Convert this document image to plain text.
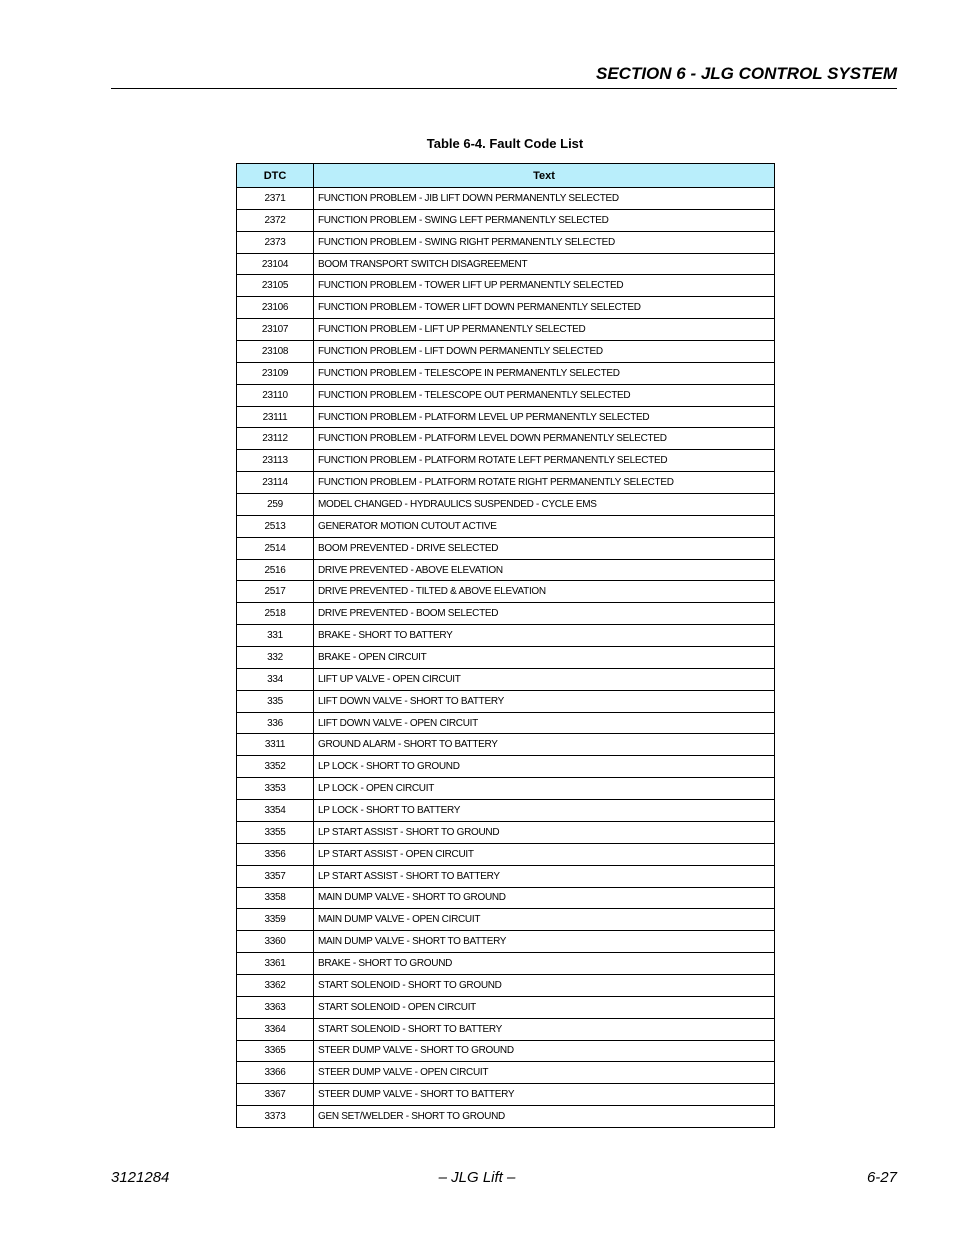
SECTION 6 - JLG CONTROL SYSTEM
Table 6-4. Fault Code List
DTC	Text
2371	FUNCTION PROBLEM - JIB LIFT DOWN PERMANENTLY SELECTED
2372	FUNCTION PROBLEM - SWING LEFT PERMANENTLY SELECTED
2373	FUNCTION PROBLEM - SWING RIGHT PERMANENTLY SELECTED
23104	BOOM TRANSPORT SWITCH DISAGREEMENT
23105	FUNCTION PROBLEM - TOWER LIFT UP PERMANENTLY SELECTED
23106	FUNCTION PROBLEM - TOWER LIFT DOWN PERMANENTLY SELECTED
23107	FUNCTION PROBLEM - LIFT UP PERMANENTLY SELECTED
23108	FUNCTION PROBLEM - LIFT DOWN PERMANENTLY SELECTED
23109	FUNCTION PROBLEM - TELESCOPE IN PERMANENTLY SELECTED
23110	FUNCTION PROBLEM - TELESCOPE OUT PERMANENTLY SELECTED
23111	FUNCTION PROBLEM - PLATFORM LEVEL UP PERMANENTLY SELECTED
23112	FUNCTION PROBLEM - PLATFORM LEVEL DOWN PERMANENTLY SELECTED
23113	FUNCTION PROBLEM - PLATFORM ROTATE LEFT PERMANENTLY SELECTED
23114	FUNCTION PROBLEM - PLATFORM ROTATE RIGHT PERMANENTLY SELECTED
259	MODEL CHANGED - HYDRAULICS SUSPENDED - CYCLE EMS
2513	GENERATOR MOTION CUTOUT ACTIVE
2514	BOOM PREVENTED - DRIVE SELECTED
2516	DRIVE PREVENTED - ABOVE ELEVATION
2517	DRIVE PREVENTED - TILTED & ABOVE ELEVATION
2518	DRIVE PREVENTED - BOOM SELECTED
331	BRAKE - SHORT TO BATTERY
332	BRAKE - OPEN CIRCUIT
334	LIFT UP VALVE - OPEN CIRCUIT
335	LIFT DOWN VALVE - SHORT TO BATTERY
336	LIFT DOWN VALVE - OPEN CIRCUIT
3311	GROUND ALARM - SHORT TO BATTERY
3352	LP LOCK - SHORT TO GROUND
3353	LP LOCK - OPEN CIRCUIT
3354	LP LOCK - SHORT TO BATTERY
3355	LP START ASSIST - SHORT TO GROUND
3356	LP START ASSIST - OPEN CIRCUIT
3357	LP START ASSIST - SHORT TO BATTERY
3358	MAIN DUMP VALVE - SHORT TO GROUND
3359	MAIN DUMP VALVE - OPEN CIRCUIT
3360	MAIN DUMP VALVE - SHORT TO BATTERY
3361	BRAKE - SHORT TO GROUND
3362	START SOLENOID - SHORT TO GROUND
3363	START SOLENOID - OPEN CIRCUIT
3364	START SOLENOID - SHORT TO BATTERY
3365	STEER DUMP VALVE - SHORT TO GROUND
3366	STEER DUMP VALVE - OPEN CIRCUIT
3367	STEER DUMP VALVE - SHORT TO BATTERY
3373	GEN SET/WELDER - SHORT TO GROUND
3121284	– JLG Lift –	6-27
